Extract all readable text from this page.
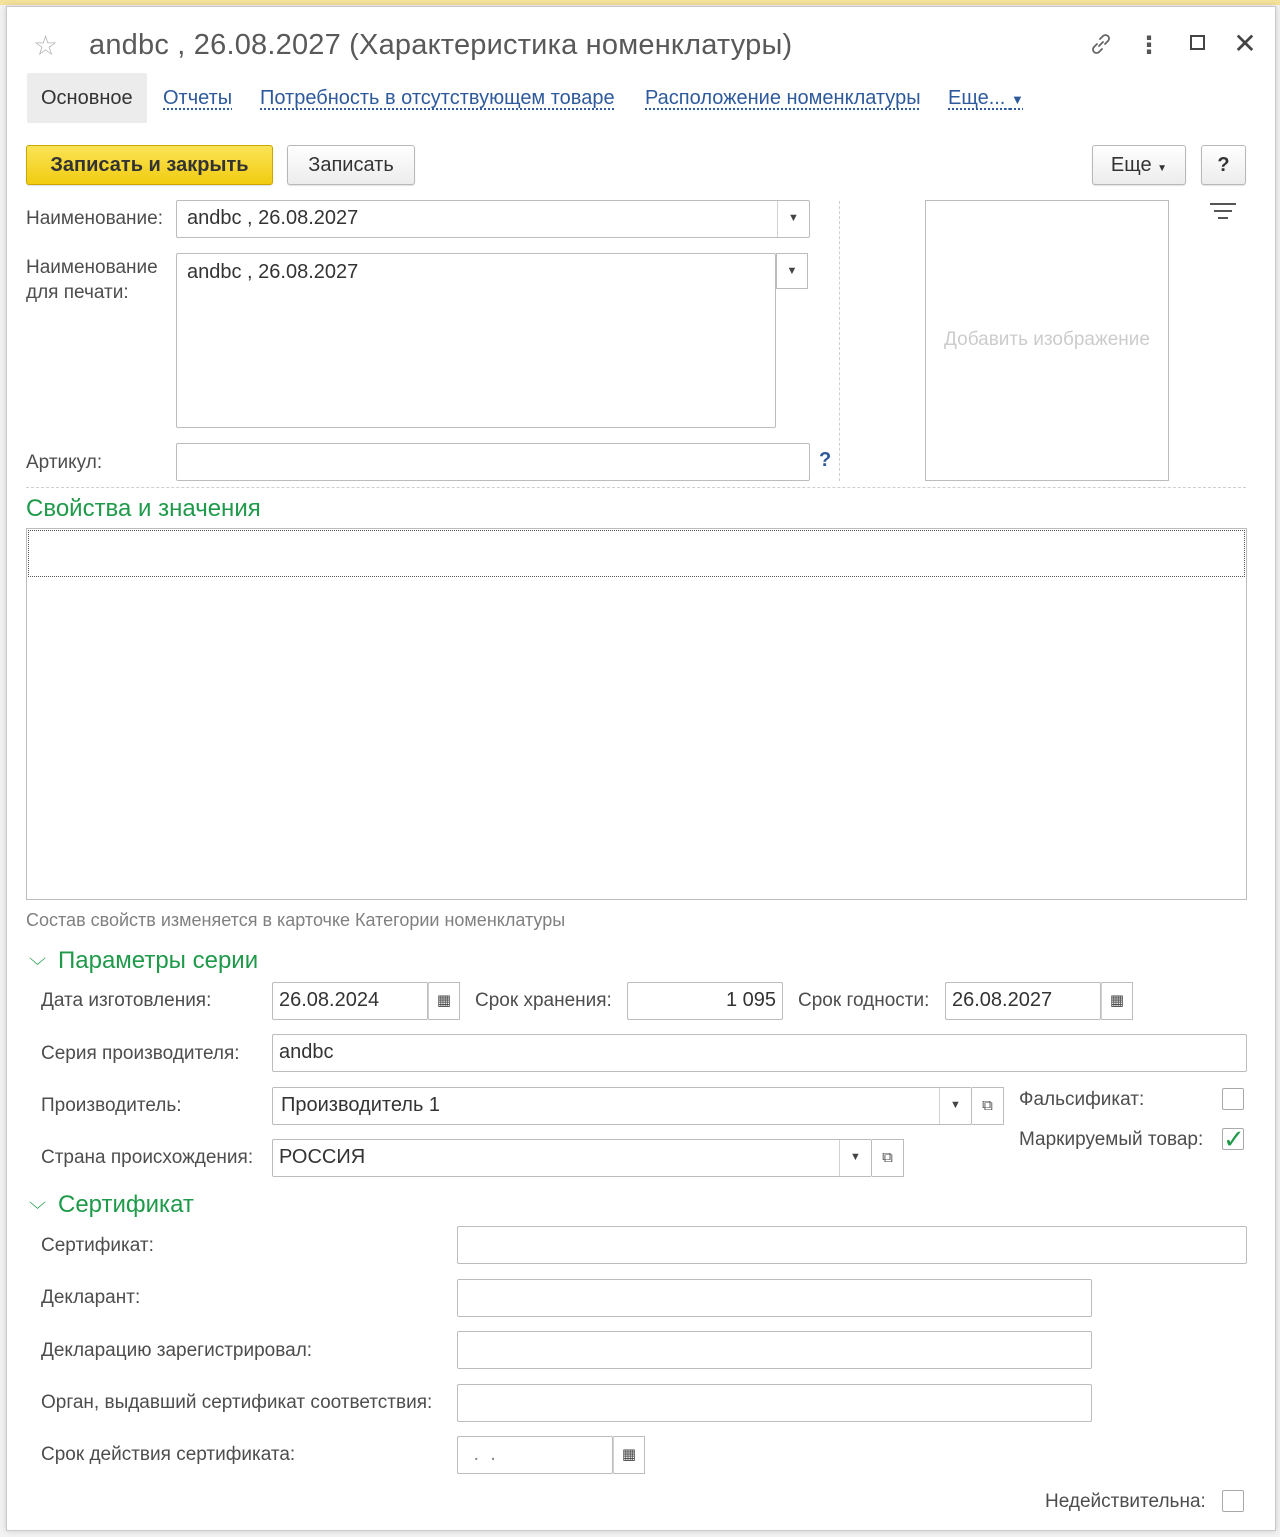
☆ andbc , 26.08.2027 (Характеристика номенклатуры)	⋮	✕
Основное	Отчеты Потребность в отсутствующем товаре Расположение номенклатуры Еще... ▼
Записать и закрыть	Записать	Еще ▼	?
Наименование:	andbc , 26.08.2027	▼
Наименование
для печати:
andbc , 26.08.2027	▼
Артикул:	?
Добавить изображение
Свойства и значения
Состав свойств изменяется в карточке Категории номенклатуры
﹀ Параметры серии
Дата изготовления:	26.08.2024	▦	Срок хранения:	1 095	Срок годности:	26.08.2027	▦
Серия производителя:	andbc
Производитель:	Производитель 1	▼	⧉
Страна происхождения:	РОССИЯ	▼	⧉
Фальсификат:
Маркируемый товар: ✓
﹀ Сертификат
Сертификат:
Декларант:
Декларацию зарегистрировал:
Орган, выдавший сертификат соответствия:
Срок действия сертификата:	.  .	▦
Недействительна:
